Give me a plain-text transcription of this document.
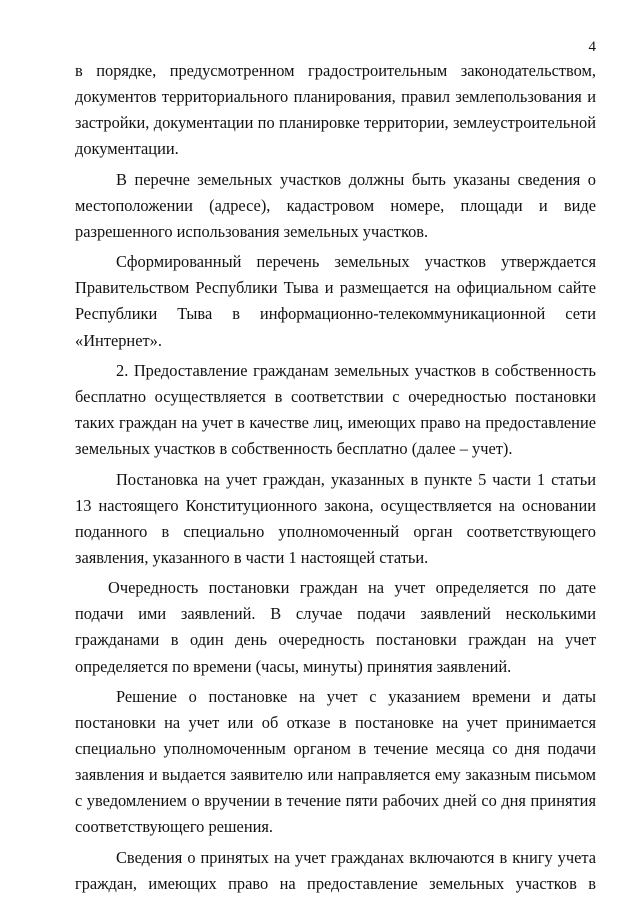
4

в порядке, предусмотренном градостроительным законодательством, документов территориального планирования, правил землепользования и застройки, документации по планировке территории, землеустроительной документации.

В перечне земельных участков должны быть указаны сведения о местоположении (адресе), кадастровом номере, площади и виде разрешенного использования земельных участков.

Сформированный перечень земельных участков утверждается Правительством Республики Тыва и размещается на официальном сайте Республики Тыва в информационно-телекоммуникационной сети «Интернет».

2. Предоставление гражданам земельных участков в собственность бесплатно осуществляется в соответствии с очередностью постановки таких граждан на учет в качестве лиц, имеющих право на предоставление земельных участков в собственность бесплатно (далее – учет).

Постановка на учет граждан, указанных в пункте 5 части 1 статьи 13 настоящего Конституционного закона, осуществляется на основании поданного в специально уполномоченный орган соответствующего заявления, указанного в части 1 настоящей статьи.

Очередность постановки граждан на учет определяется по дате подачи ими заявлений. В случае подачи заявлений несколькими гражданами в один день очередность постановки граждан на учет определяется по времени (часы, минуты) принятия заявлений.

Решение о постановке на учет с указанием времени и даты постановки на учет или об отказе в постановке на учет принимается специально уполномоченным органом в течение месяца со дня подачи заявления и выдается заявителю или направляется ему заказным письмом с уведомлением о вручении в течение пяти рабочих дней со дня принятия соответствующего решения.

Сведения о принятых на учет гражданах включаются в книгу учета граждан, имеющих право на предоставление земельных участков в
